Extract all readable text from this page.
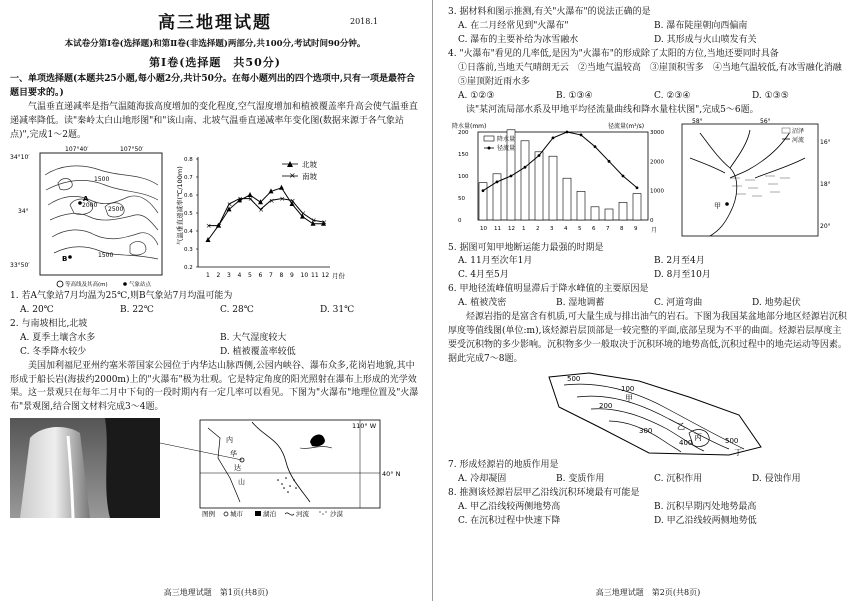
高三地理试题	2018.1

本试卷分第Ⅰ卷(选择题)和第Ⅱ卷(非选择题)两部分,共100分,考试时间90分钟。

第Ⅰ卷(选择题　共50分)

一、单项选择题(本题共25小题,每小题2分,共计50分。在每小题列出的四个选项中,只有一项是最符合题目要求的。)

气温垂直递减率是指气温随海拔高度增加的变化程度,空气湿度增加和植被覆盖率升高会使气温垂直递减率降低。读"秦岭太白山地形图"和"该山南、北坡气温垂直递减率年变化图(数据来源于各气象站点)",完成1～2题。

107°40′	107°50′
34°10′
34°
33°50′
1500
2000
2500
1500
A
B
等高线及其高(m)	气象站点
气温垂直递减率(℃/100m)
0.2
0.3
0.4
0.5
0.6
0.7
0.8
1 2 3 4 5 6 7 8 9 10 11 12 月份
× ×
×
× ×
×
× × ×
×
× ×
北坡
× 南坡

1. 若A气象站7月均温为25℃,则B气象站7月均温可能为

A. 20℃	B. 22℃	C. 28℃	D. 31℃

2. 与南坡相比,北坡

A. 夏季土壤含水多	B. 大气湿度较大
C. 冬季降水较少	D. 植被覆盖率较低

美国加利福尼亚州约塞米蒂国家公园位于内华达山脉西侧,公园内峡谷、瀑布众多,花岗岩地貌,其中形成于船长岩(海拔约2000m)上的"火瀑布"极为壮观。它是特定角度的阳光照射在瀑布上形成的光学效果。这一景观只在每年二月中下旬的一段时期内有一定几率可以看见。下图为"火瀑布"地理位置及"火瀑布"景观图,结合图文材料完成3～4题。

110° W
40° N
内
华
达
山
图例 城市	湖泊	河流	沙漠
高三地理试题　第1页(共8页)

3. 据材料和图示推测,有关"火瀑布"的说法正确的是

A. 在二月经常见到"火瀑布"	B. 瀑布陡崖朝向西偏南
C. 瀑布的主要补给为冰雪融水	D. 其形成与火山喷发有关

4. "火瀑布"看见的几率低,是因为"火瀑布"的形成除了太阳的方位,当地还要同时具备

①日落前,当地天气晴朗无云　②当地气温较高　③崖顶积雪多　④当地气温较低,有冰雪融化消融　⑤崖顶附近雨水多

A. ①②③	B. ①③④	C. ②③④	D. ①③⑤

读"某河流局部水系及甲地平均径流量曲线和降水量柱状图",完成5～6题。

降水量(mm)	径流量(m³/s)
0
50
100
150
200
0
1000
2000
3000
10 11 12 1 2 3 4 5 6 7 8 9 月
降水量
径流量
58°	56°
16°
18°
20°
甲
沼泽
河流

5. 据图可知甲地断运能力最强的时期是

A. 11月至次年1月	B. 2月至4月
C. 4月至5月	D. 8月至10月

6. 甲地径流峰值明显滞后于降水峰值的主要原因是

A. 植被茂密	B. 湿地调蓄	C. 河道弯曲	D. 地势起伏

烃源岩指的是富含有机质,可大量生成与排出油气的岩石。下图为我国某盆地部分地区烃源岩沉积厚度等值线图(单位:m),该烃源岩层顶部是一较完整的平面,底部呈现为不平的曲面。烃源岩层厚度主要受沉积物的多少影响。沉积物多少一般取决于沉积环境的地势高低,沉积过程中的地壳运动等因素。据此完成7～8题。

500
100
200
300
400	500
甲
乙
丙
丁

7. 形成烃源岩的地质作用是

A. 冷却凝固	B. 变质作用	C. 沉积作用	D. 侵蚀作用

8. 推测该烃源岩层甲乙沿线沉积环境最有可能是

A. 甲乙沿线较两侧地势高	B. 沉积早期丙处地势最高
C. 在沉积过程中快速下降	D. 甲乙沿线较两侧地势低
高三地理试题　第2页(共8页)
